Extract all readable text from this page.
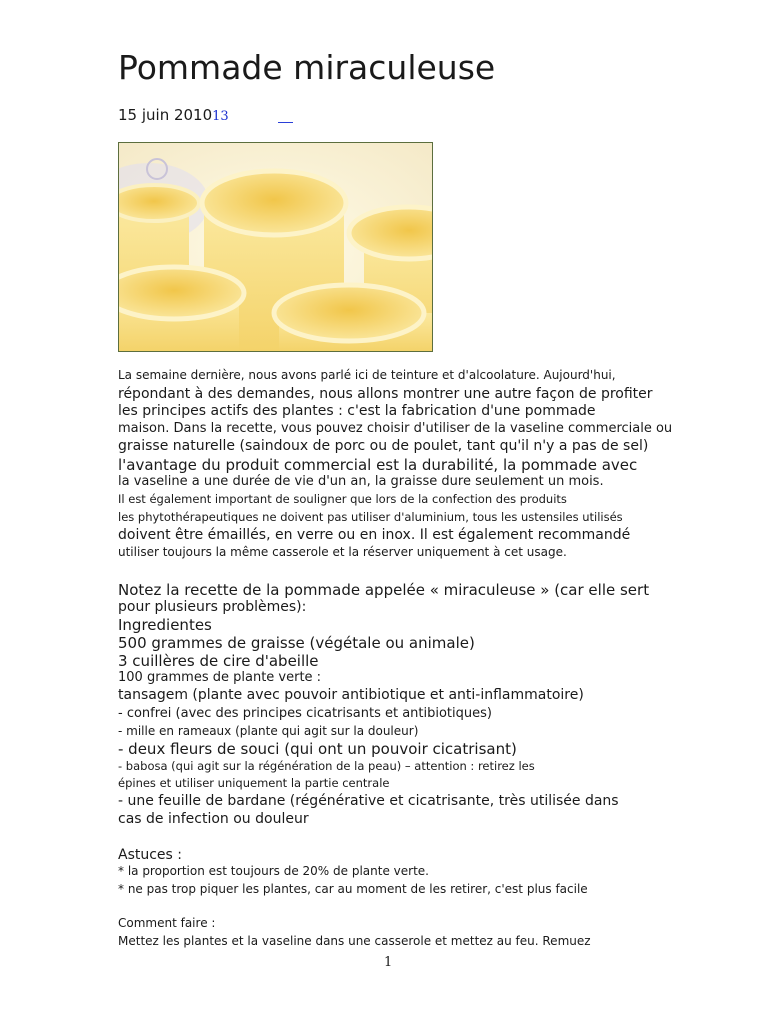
Pommade miraculeuse
15 juin 201013
La semaine dernière, nous avons parlé ici de teinture et d'alcoolature. Aujourd'hui,
répondant à des demandes, nous allons montrer une autre façon de profiter
les principes actifs des plantes : c'est la fabrication d'une pommade
maison. Dans la recette, vous pouvez choisir d'utiliser de la vaseline commerciale ou
graisse naturelle (saindoux de porc ou de poulet, tant qu'il n'y a pas de sel)
l'avantage du produit commercial est la durabilité, la pommade avec
la vaseline a une durée de vie d'un an, la graisse dure seulement un mois.
Il est également important de souligner que lors de la confection des produits
les phytothérapeutiques ne doivent pas utiliser d'aluminium, tous les ustensiles utilisés
doivent être émaillés, en verre ou en inox. Il est également recommandé
utiliser toujours la même casserole et la réserver uniquement à cet usage.
Notez la recette de la pommade appelée « miraculeuse » (car elle sert
pour plusieurs problèmes):
Ingredientes
500 grammes de graisse (végétale ou animale)
3 cuillères de cire d'abeille
100 grammes de plante verte :
tansagem (plante avec pouvoir antibiotique et anti-inflammatoire)
- confrei (avec des principes cicatrisants et antibiotiques)
- mille en rameaux (plante qui agit sur la douleur)
- deux fleurs de souci (qui ont un pouvoir cicatrisant)
- babosa (qui agit sur la régénération de la peau) – attention : retirez les
épines et utiliser uniquement la partie centrale
- une feuille de bardane (régénérative et cicatrisante, très utilisée dans
cas de infection ou douleur
Astuces :
* la proportion est toujours de 20% de plante verte.
* ne pas trop piquer les plantes, car au moment de les retirer, c'est plus facile
Comment faire :
Mettez les plantes et la vaseline dans une casserole et mettez au feu. Remuez
1
